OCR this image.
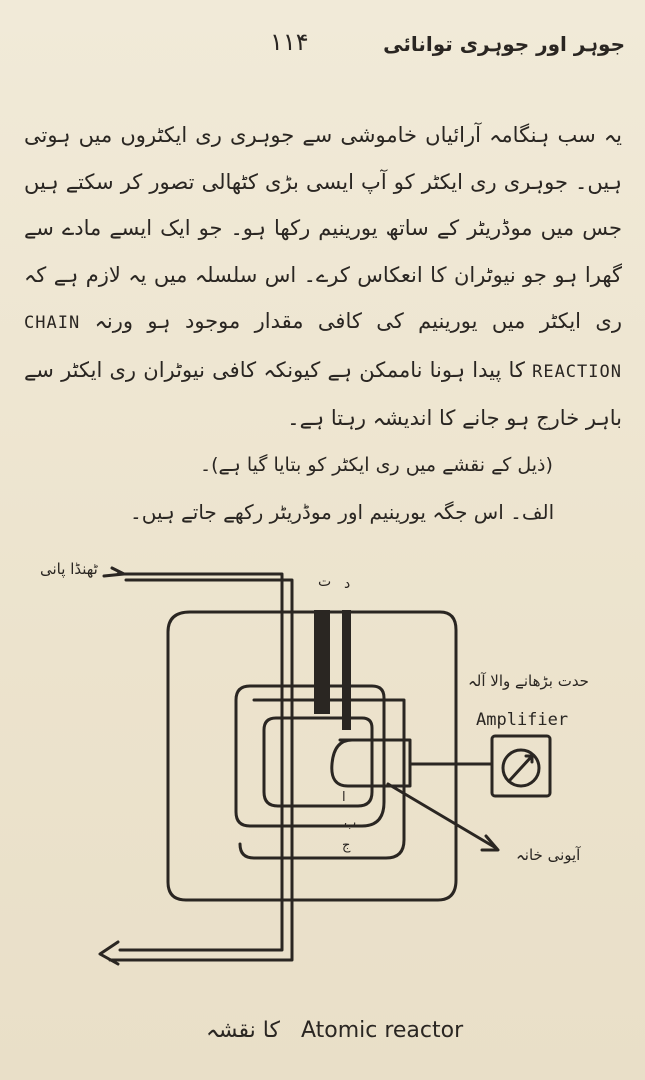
۱۱۴	جوہر اور جوہری توانائی
یہ سب ہنگامہ آرائیاں خاموشی سے جوہری ری ایکٹروں میں ہوتی ہیں۔ جوہری ری ایکٹر کو آپ ایسی بڑی کٹھالی تصور کر سکتے ہیں جس میں موڈریٹر کے ساتھ یورینیم رکھا ہو۔ جو ایک ایسے مادے سے گھرا ہو جو نیوٹران کا انعکاس کرے۔ اس سلسلہ میں یہ لازم ہے کہ ری ایکٹر میں یورینیم کی کافی مقدار موجود ہو ورنہ CHAIN REACTION کا پیدا ہونا ناممکن ہے کیونکہ کافی نیوٹران ری ایکٹر سے باہر خارج ہو جانے کا اندیشہ رہتا ہے۔
(ذیل کے نقشے میں ری ایکٹر کو بتایا گیا ہے)۔
الف۔ اس جگہ یورینیم اور موڈریٹر رکھے جاتے ہیں۔
ٹھنڈا پانی
حدت بڑھانے والا آلہ
Amplifier
آیونی خانہ
د
ت
ا
ب
ج
کا نقشہ Atomic reactor
